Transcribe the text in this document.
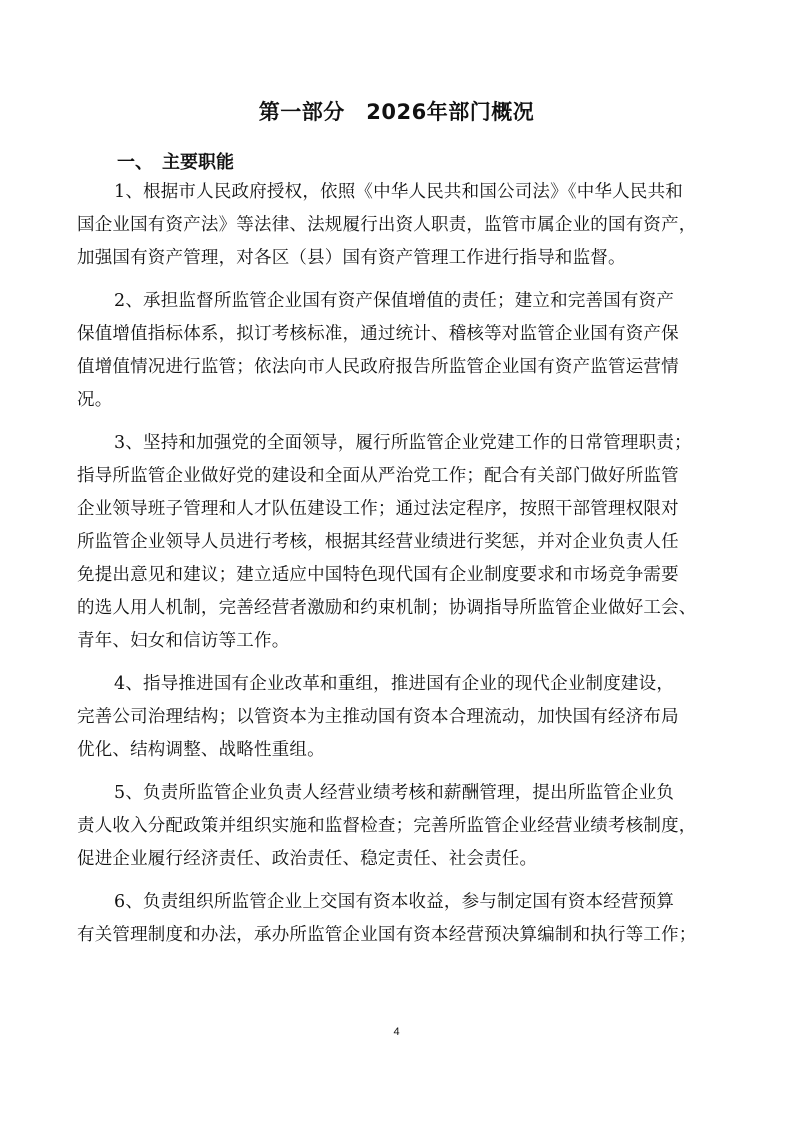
第一部分　2026年部门概况
一、　主要职能

1、根据市人民政府授权，依照《中华人民共和国公司法》《中华人民共和
国企业国有资产法》等法律、法规履行出资人职责，监管市属企业的国有资产，
加强国有资产管理，对各区（县）国有资产管理工作进行指导和监督。

2、承担监督所监管企业国有资产保值增值的责任；建立和完善国有资产
保值增值指标体系，拟订考核标准，通过统计、稽核等对监管企业国有资产保
值增值情况进行监管；依法向市人民政府报告所监管企业国有资产监管运营情
况。

3、坚持和加强党的全面领导，履行所监管企业党建工作的日常管理职责；
指导所监管企业做好党的建设和全面从严治党工作；配合有关部门做好所监管
企业领导班子管理和人才队伍建设工作；通过法定程序，按照干部管理权限对
所监管企业领导人员进行考核，根据其经营业绩进行奖惩，并对企业负责人任
免提出意见和建议；建立适应中国特色现代国有企业制度要求和市场竞争需要
的选人用人机制，完善经营者激励和约束机制；协调指导所监管企业做好工会、
青年、妇女和信访等工作。

4、指导推进国有企业改革和重组，推进国有企业的现代企业制度建设，
完善公司治理结构；以管资本为主推动国有资本合理流动，加快国有经济布局
优化、结构调整、战略性重组。

5、负责所监管企业负责人经营业绩考核和薪酬管理，提出所监管企业负
责人收入分配政策并组织实施和监督检查；完善所监管企业经营业绩考核制度，
促进企业履行经济责任、政治责任、稳定责任、社会责任。

6、负责组织所监管企业上交国有资本收益，参与制定国有资本经营预算
有关管理制度和办法，承办所监管企业国有资本经营预决算编制和执行等工作；

4
